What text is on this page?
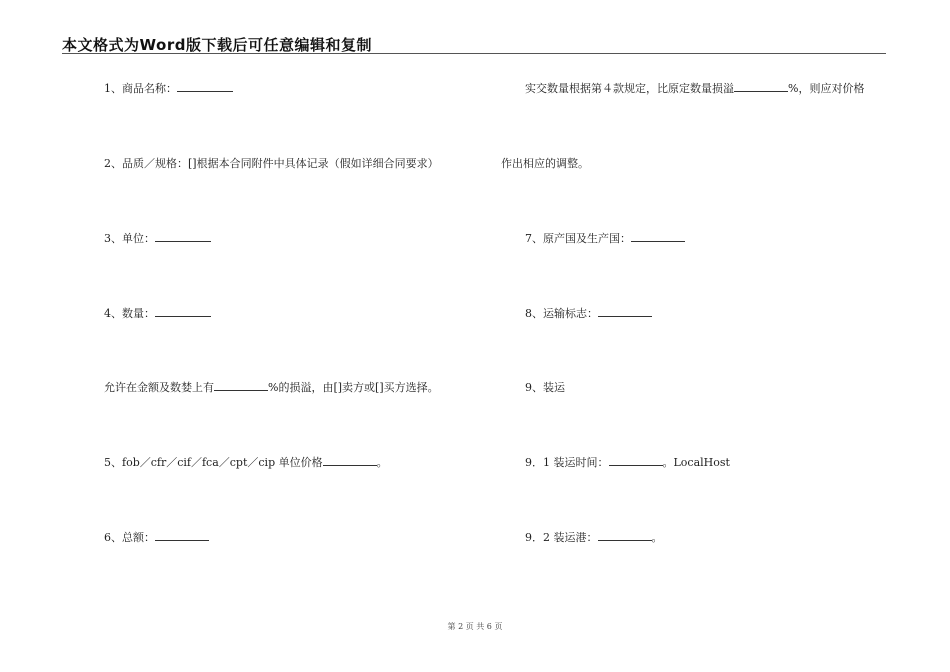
本文格式为Word版下载后可任意编辑和复制
1、商品名称：
2、品质／规格：[]根据本合同附件中具体记录（假如详细合同要求）
3、单位：
4、数量：
允许在金额及数婪上有	%的损溢，由[]卖方或[]买方选择。
5、fob／cfr／cif／fca／cpt／cip 单位价格	。
6、总额：
实交数量根据第４款规定，比原定数量损溢	%，则应对价格
作出相应的调整。
7、原产国及生产国：
8、运输标志：
9、装运
9．1 装运时间：	。LocalHost
9．2 装运港：	。
第 2 页 共 6 页
